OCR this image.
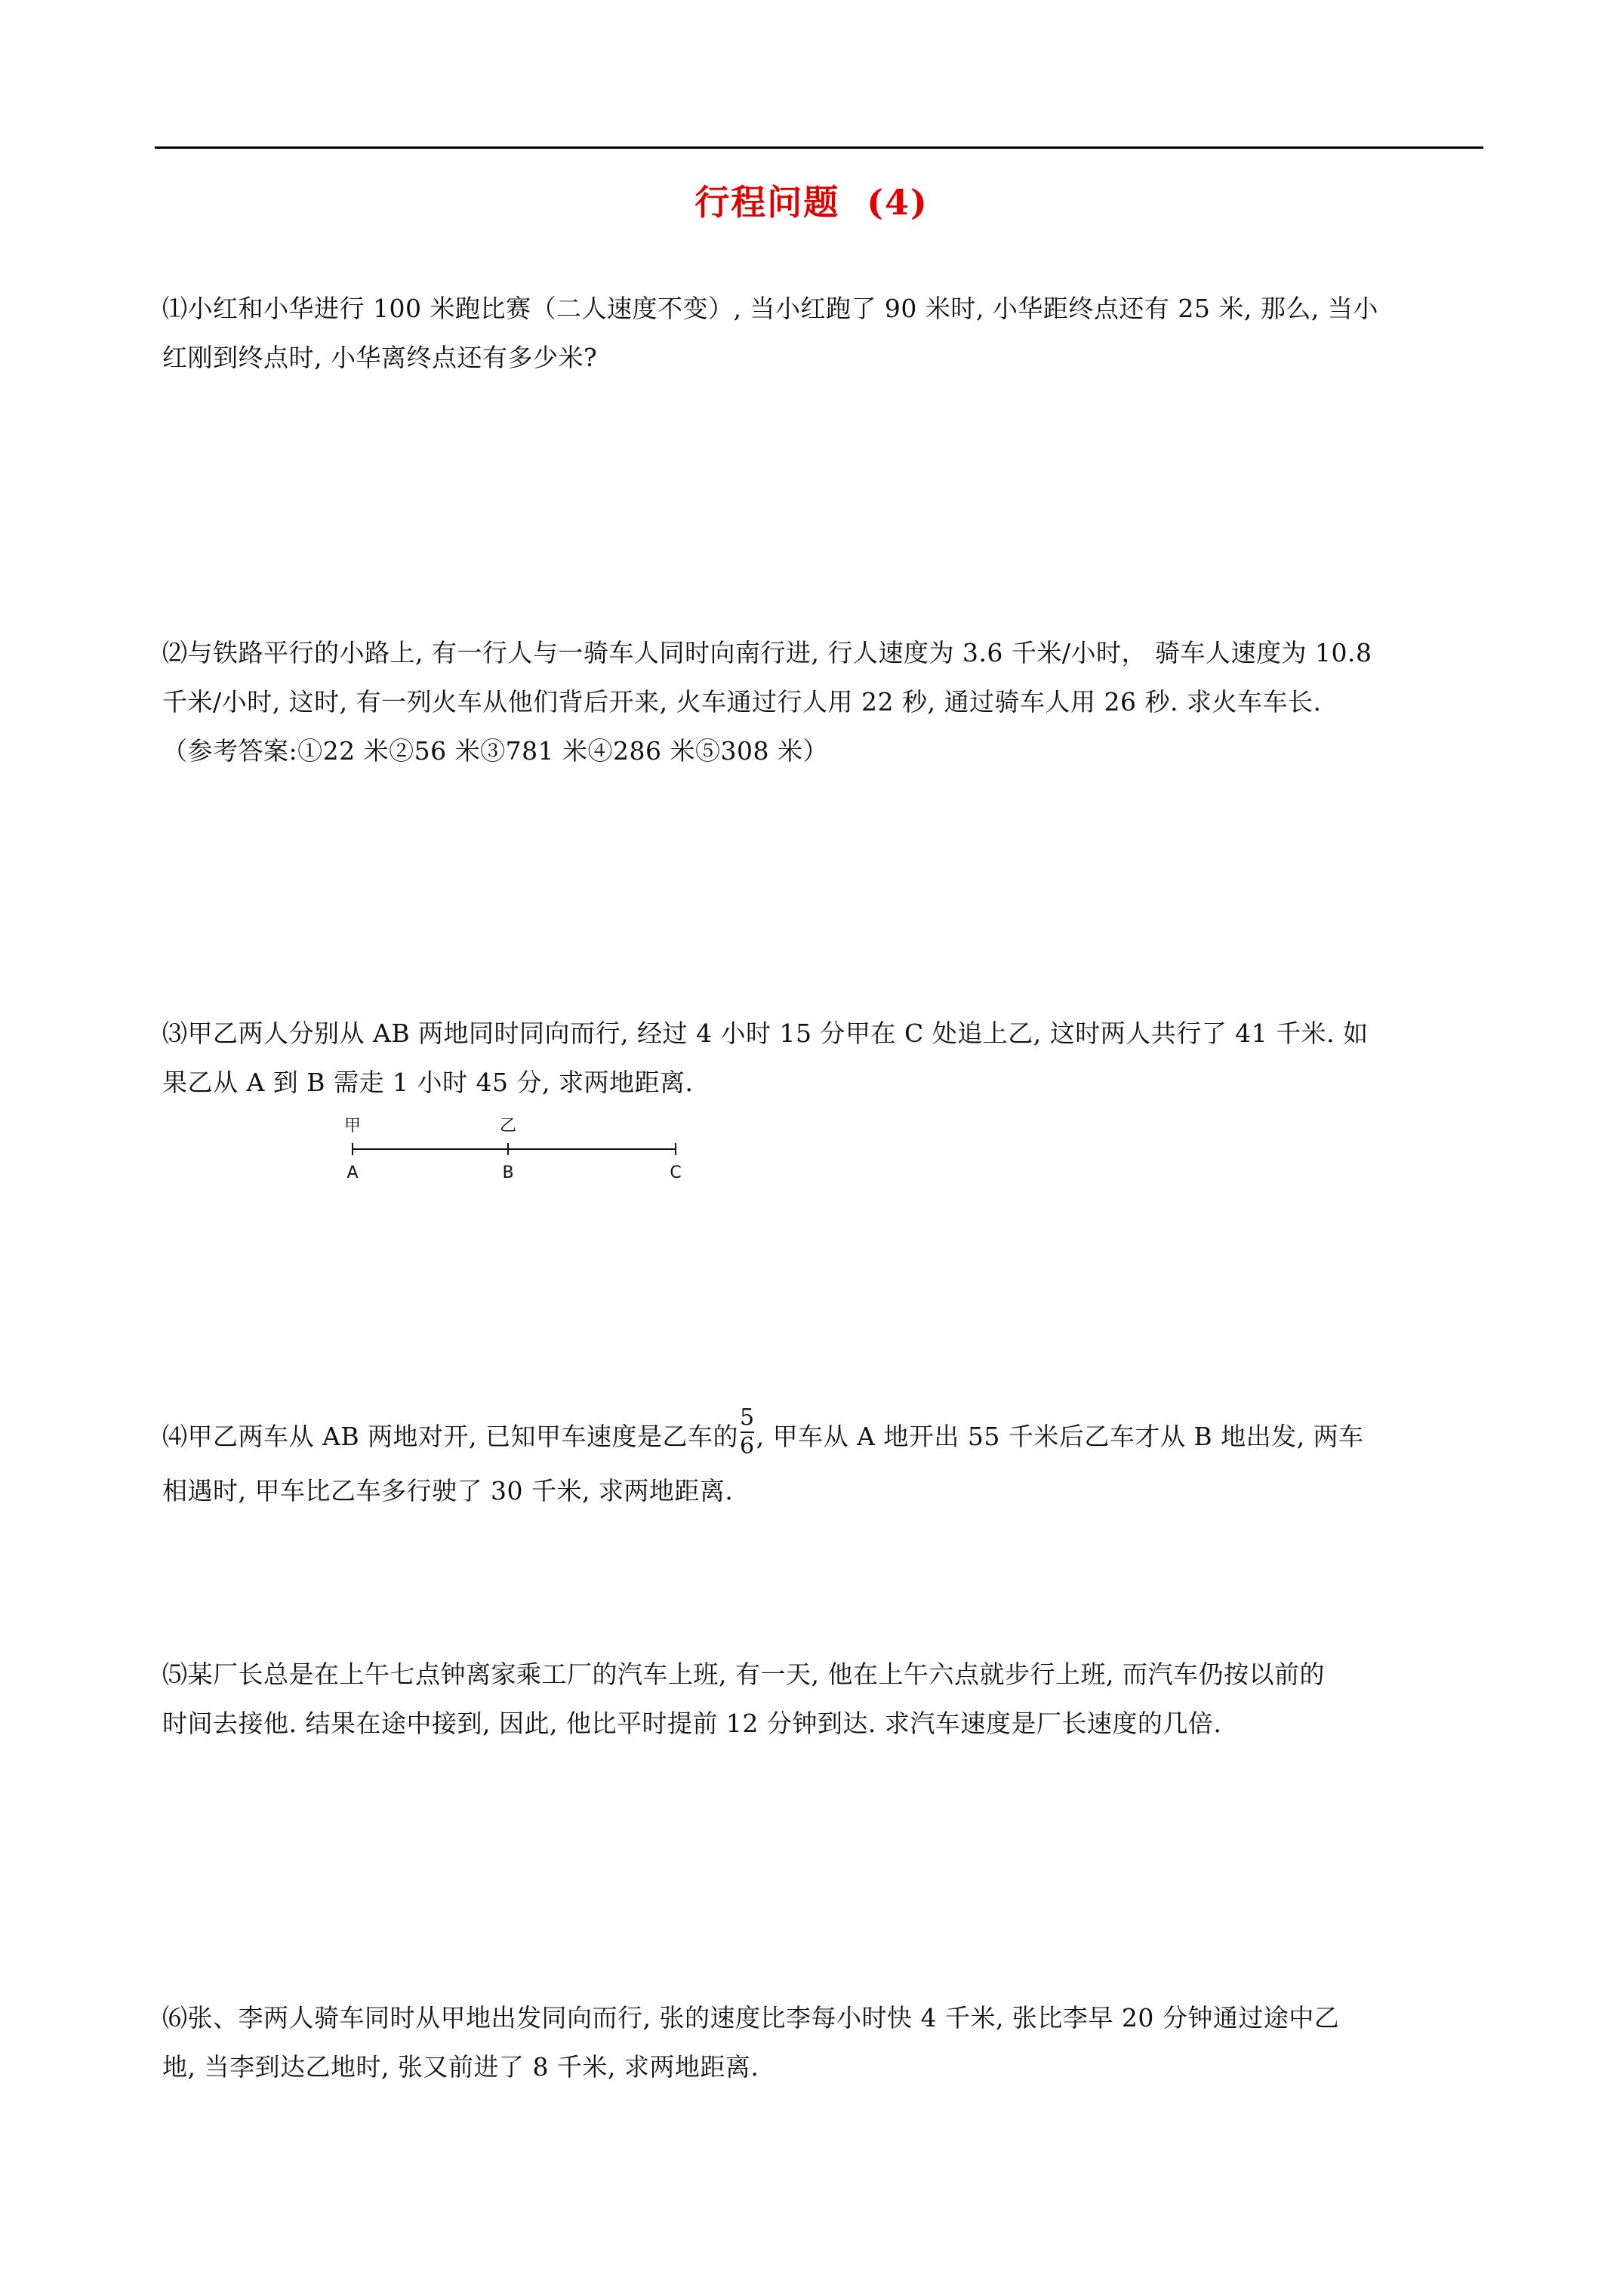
行程问题 (4)

⑴小红和小华进行 100 米跑比赛（二人速度不变）, 当小红跑了 90 米时, 小华距终点还有 25 米, 那么, 当小

红刚到终点时, 小华离终点还有多少米?

⑵与铁路平行的小路上, 有一行人与一骑车人同时向南行进, 行人速度为 3.6 千米/小时， 骑车人速度为 10.8

千米/小时, 这时, 有一列火车从他们背后开来, 火车通过行人用 22 秒, 通过骑车人用 26 秒. 求火车车长.

（参考答案:①22 米②56 米③781 米④286 米⑤308 米）

⑶甲乙两人分别从 AB 两地同时同向而行, 经过 4 小时 15 分甲在 C 处追上乙, 这时两人共行了 41 千米. 如

果乙从 A 到 B 需走 1 小时 45 分, 求两地距离.

甲	乙
A	B	C

⑷甲乙两车从 AB 两地对开, 已知甲车速度是乙车的 $\frac{5}{6}$ , 甲车从 A 地开出 55 千米后乙车才从 B 地出发, 两车

相遇时, 甲车比乙车多行驶了 30 千米, 求两地距离.

⑸某厂长总是在上午七点钟离家乘工厂的汽车上班, 有一天, 他在上午六点就步行上班, 而汽车仍按以前的

时间去接他. 结果在途中接到, 因此, 他比平时提前 12 分钟到达. 求汽车速度是厂长速度的几倍.

⑹张、李两人骑车同时从甲地出发同向而行, 张的速度比李每小时快 4 千米, 张比李早 20 分钟通过途中乙

地, 当李到达乙地时, 张又前进了 8 千米, 求两地距离.
